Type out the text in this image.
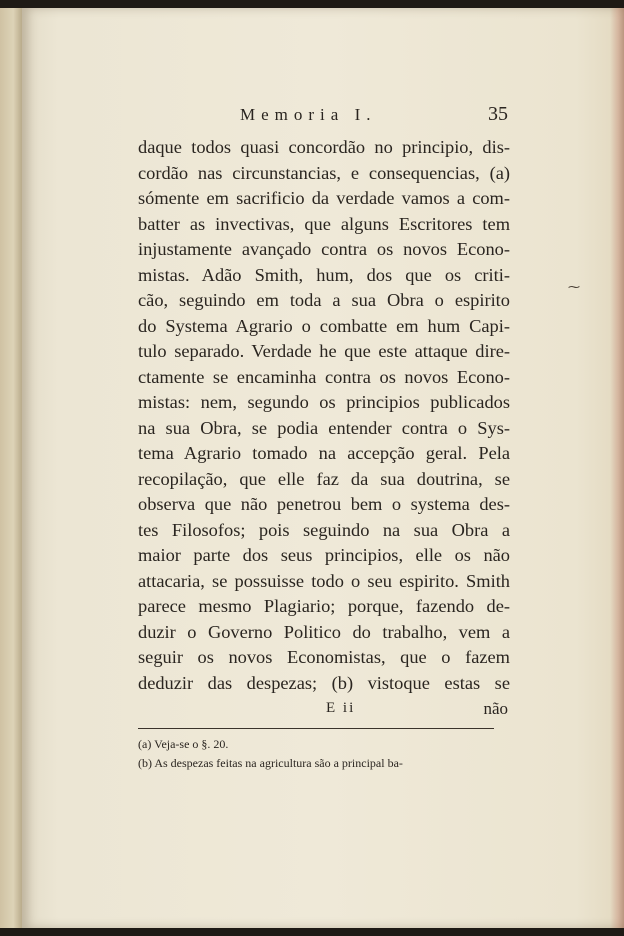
Memoria I.	35
daque todos quasi concordão no principio, dis-
cordão nas circunstancias, e consequencias, (a)
sómente em sacrificio da verdade vamos a com-
batter as invectivas, que alguns Escritores tem
injustamente avançado contra os novos Econo-
mistas. Adão Smith, hum, dos que os criti-
cão, seguindo em toda a sua Obra o espirito
do Systema Agrario o combatte em hum Capi-
tulo separado. Verdade he que este attaque dire-
ctamente se encaminha contra os novos Econo-
mistas: nem, segundo os principios publicados
na sua Obra, se podia entender contra o Sys-
tema Agrario tomado na accepção geral. Pela
recopilação, que elle faz da sua doutrina, se
observa que não penetrou bem o systema des-
tes Filosofos; pois seguindo na sua Obra a
maior parte dos seus principios, elle os não
attacaria, se possuisse todo o seu espirito. Smith
parece mesmo Plagiario; porque, fazendo de-
duzir o Governo Politico do trabalho, vem a
seguir os novos Economistas, que o fazem
deduzir das despezas; (b) vistoque estas se
E ii	não
(a) Veja-se o §. 20.
(b) As despezas feitas na agricultura são a principal ba-
⁓
